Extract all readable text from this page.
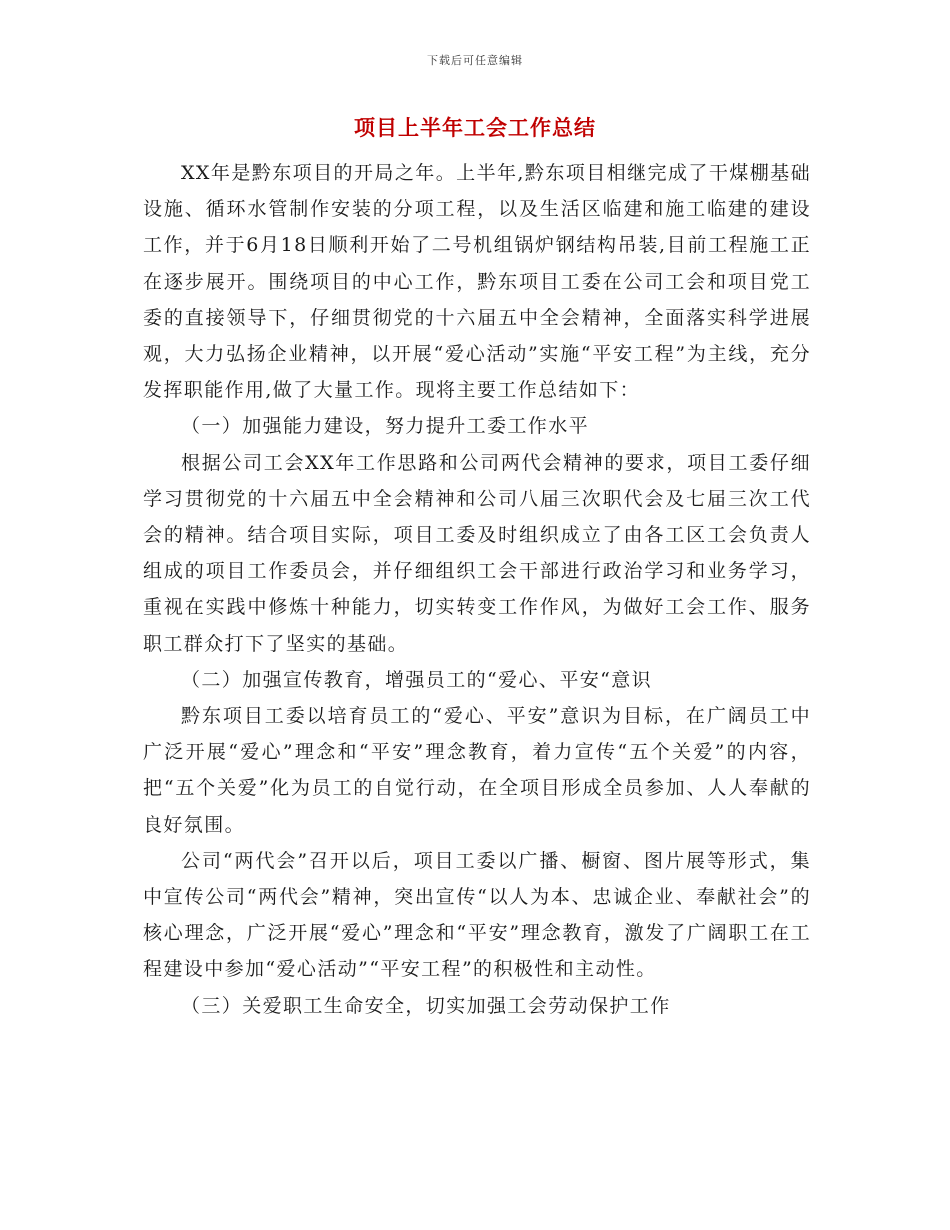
下载后可任意编辑
项目上半年工会工作总结

XX年是黔东项目的开局之年。上半年,黔东项目相继完成了干煤棚基础设施、循环水管制作安装的分项工程，以及生活区临建和施工临建的建设工作，并于6月18日顺利开始了二号机组锅炉钢结构吊装,目前工程施工正在逐步展开。围绕项目的中心工作，黔东项目工委在公司工会和项目党工委的直接领导下，仔细贯彻党的十六届五中全会精神，全面落实科学进展观，大力弘扬企业精神，以开展“爱心活动”实施“平安工程”为主线，充分发挥职能作用,做了大量工作。现将主要工作总结如下：

（一）加强能力建设，努力提升工委工作水平

根据公司工会XX年工作思路和公司两代会精神的要求，项目工委仔细学习贯彻党的十六届五中全会精神和公司八届三次职代会及七届三次工代会的精神。结合项目实际，项目工委及时组织成立了由各工区工会负责人组成的项目工作委员会，并仔细组织工会干部进行政治学习和业务学习，重视在实践中修炼十种能力，切实转变工作作风，为做好工会工作、服务职工群众打下了坚实的基础。

（二）加强宣传教育，增强员工的“爱心、平安“意识

黔东项目工委以培育员工的“爱心、平安”意识为目标，在广阔员工中广泛开展“爱心”理念和“平安”理念教育，着力宣传“五个关爱”的内容，把“五个关爱”化为员工的自觉行动，在全项目形成全员参加、人人奉献的良好氛围。

公司“两代会”召开以后，项目工委以广播、橱窗、图片展等形式，集中宣传公司“两代会”精神，突出宣传“以人为本、忠诚企业、奉献社会”的核心理念，广泛开展“爱心”理念和“平安”理念教育，激发了广阔职工在工程建设中参加“爱心活动”“平安工程”的积极性和主动性。

（三）关爱职工生命安全，切实加强工会劳动保护工作
